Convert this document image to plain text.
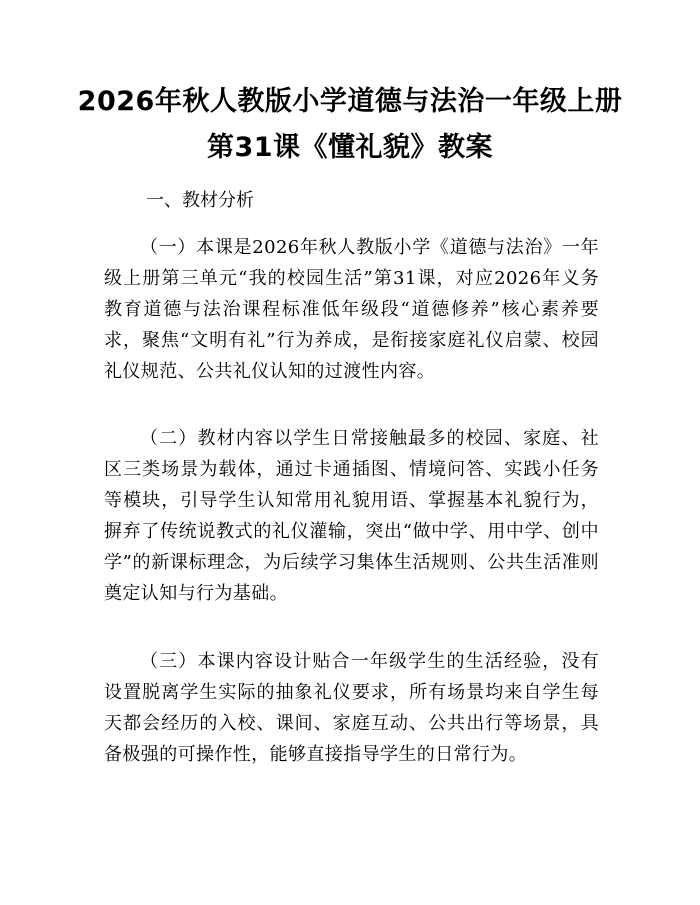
2026年秋人教版小学道德与法治一年级上册
第31课《懂礼貌》教案
一、教材分析

（一）本课是2026年秋人教版小学《道德与法治》一年级上册第三单元“我的校园生活”第31课，对应2026年义务教育道德与法治课程标准低年级段“道德修养”核心素养要求，聚焦“文明有礼”行为养成，是衔接家庭礼仪启蒙、校园礼仪规范、公共礼仪认知的过渡性内容。

（二）教材内容以学生日常接触最多的校园、家庭、社区三类场景为载体，通过卡通插图、情境问答、实践小任务等模块，引导学生认知常用礼貌用语、掌握基本礼貌行为，摒弃了传统说教式的礼仪灌输，突出“做中学、用中学、创中学”的新课标理念，为后续学习集体生活规则、公共生活准则奠定认知与行为基础。

（三）本课内容设计贴合一年级学生的生活经验，没有设置脱离学生实际的抽象礼仪要求，所有场景均来自学生每天都会经历的入校、课间、家庭互动、公共出行等场景，具备极强的可操作性，能够直接指导学生的日常行为。
